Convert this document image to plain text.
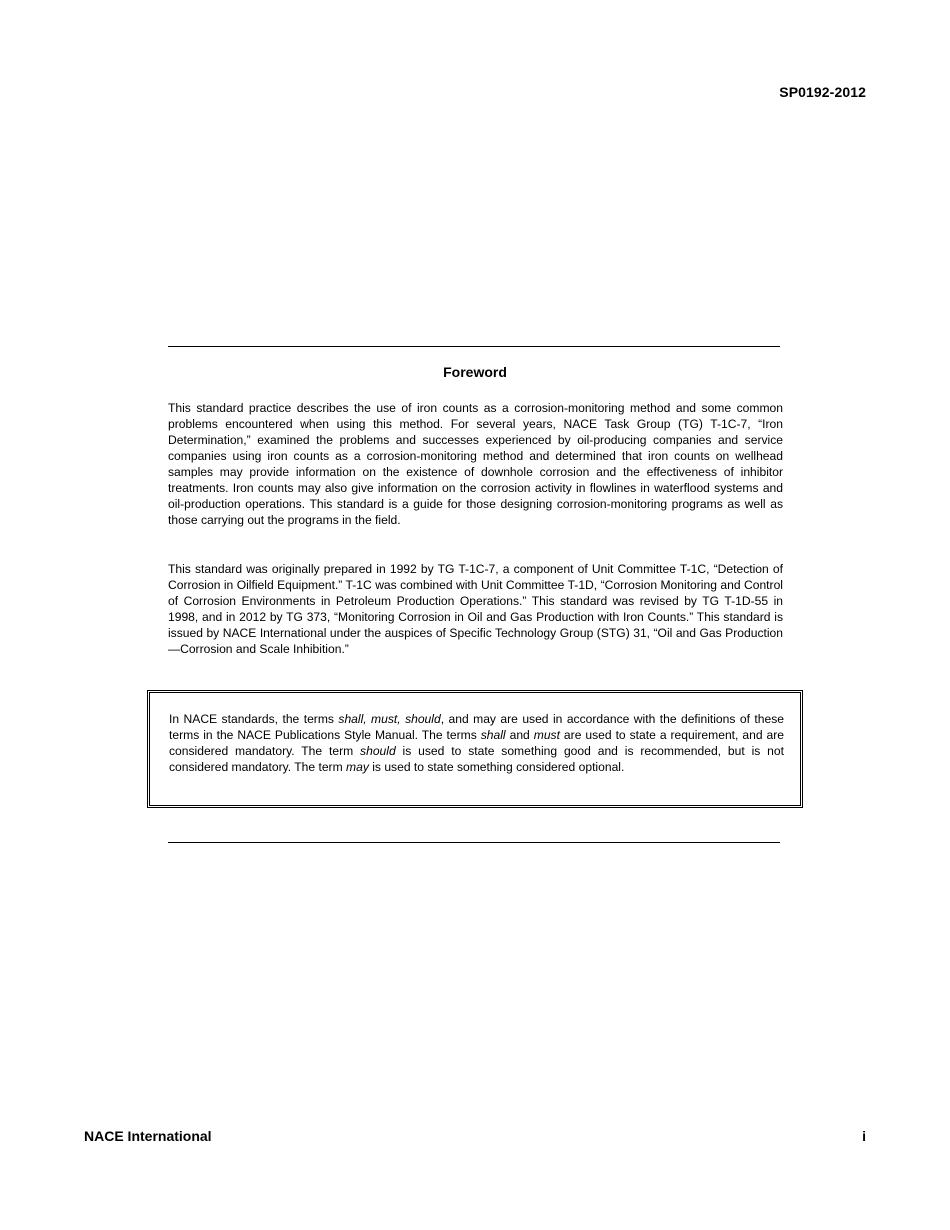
SP0192-2012
Foreword

This standard practice describes the use of iron counts as a corrosion-monitoring method and some common problems encountered when using this method. For several years, NACE Task Group (TG) T-1C-7, “Iron Determination,” examined the problems and successes experienced by oil-producing companies and service companies using iron counts as a corrosion-monitoring method and determined that iron counts on wellhead samples may provide information on the existence of downhole corrosion and the effectiveness of inhibitor treatments. Iron counts may also give information on the corrosion activity in flowlines in waterflood systems and oil-production operations. This standard is a guide for those designing corrosion-monitoring programs as well as those carrying out the programs in the field.

This standard was originally prepared in 1992 by TG T-1C-7, a component of Unit Committee T-1C, “Detection of Corrosion in Oilfield Equipment.” T-1C was combined with Unit Committee T-1D, “Corrosion Monitoring and Control of Corrosion Environments in Petroleum Production Operations.” This standard was revised by TG T-1D-55 in 1998, and in 2012 by TG 373, “Monitoring Corrosion in Oil and Gas Production with Iron Counts.” This standard is issued by NACE International under the auspices of Specific Technology Group (STG) 31, “Oil and Gas Production—Corrosion and Scale Inhibition.”

In NACE standards, the terms shall, must, should, and may are used in accordance with the definitions of these terms in the NACE Publications Style Manual. The terms shall and must are used to state a requirement, and are considered mandatory. The term should is used to state something good and is recommended, but is not considered mandatory. The term may is used to state something considered optional.

NACE International	i
